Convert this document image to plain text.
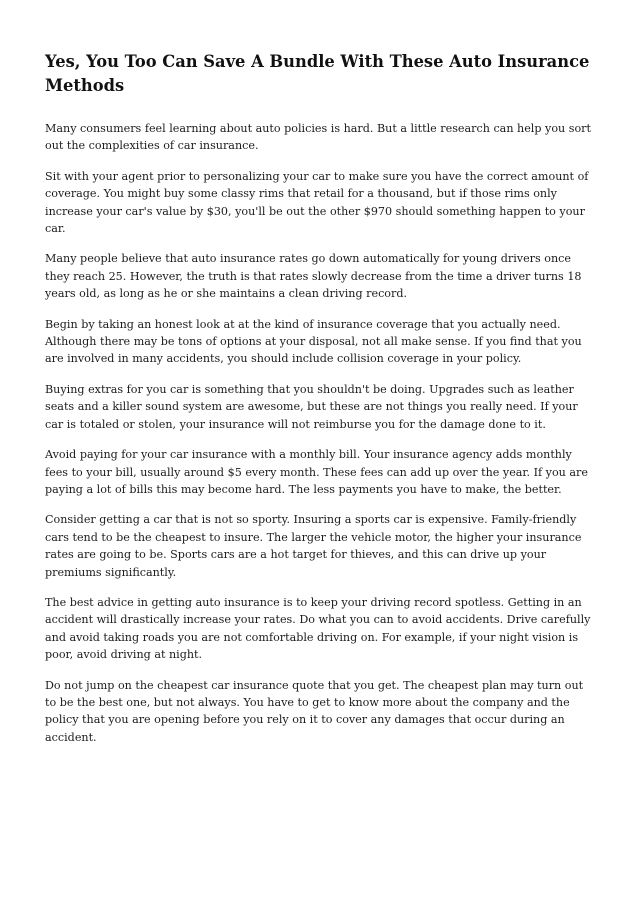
Yes, You Too Can Save A Bundle With These Auto Insurance Methods

Many consumers feel learning about auto policies is hard. But a little research can help you sort out the complexities of car insurance.

Sit with your agent prior to personalizing your car to make sure you have the correct amount of coverage. You might buy some classy rims that retail for a thousand, but if those rims only increase your car's value by $30, you'll be out the other $970 should something happen to your car.

Many people believe that auto insurance rates go down automatically for young drivers once they reach 25. However, the truth is that rates slowly decrease from the time a driver turns 18 years old, as long as he or she maintains a clean driving record.

Begin by taking an honest look at at the kind of insurance coverage that you actually need. Although there may be tons of options at your disposal, not all make sense. If you find that you are involved in many accidents, you should include collision coverage in your policy.

Buying extras for you car is something that you shouldn't be doing. Upgrades such as leather seats and a killer sound system are awesome, but these are not things you really need. If your car is totaled or stolen, your insurance will not reimburse you for the damage done to it.

Avoid paying for your car insurance with a monthly bill. Your insurance agency adds monthly fees to your bill, usually around $5 every month. These fees can add up over the year. If you are paying a lot of bills this may become hard. The less payments you have to make, the better.

Consider getting a car that is not so sporty. Insuring a sports car is expensive. Family-friendly cars tend to be the cheapest to insure. The larger the vehicle motor, the higher your insurance rates are going to be. Sports cars are a hot target for thieves, and this can drive up your premiums significantly.

The best advice in getting auto insurance is to keep your driving record spotless. Getting in an accident will drastically increase your rates. Do what you can to avoid accidents. Drive carefully and avoid taking roads you are not comfortable driving on. For example, if your night vision is poor, avoid driving at night.

Do not jump on the cheapest car insurance quote that you get. The cheapest plan may turn out to be the best one, but not always. You have to get to know more about the company and the policy that you are opening before you rely on it to cover any damages that occur during an accident.
